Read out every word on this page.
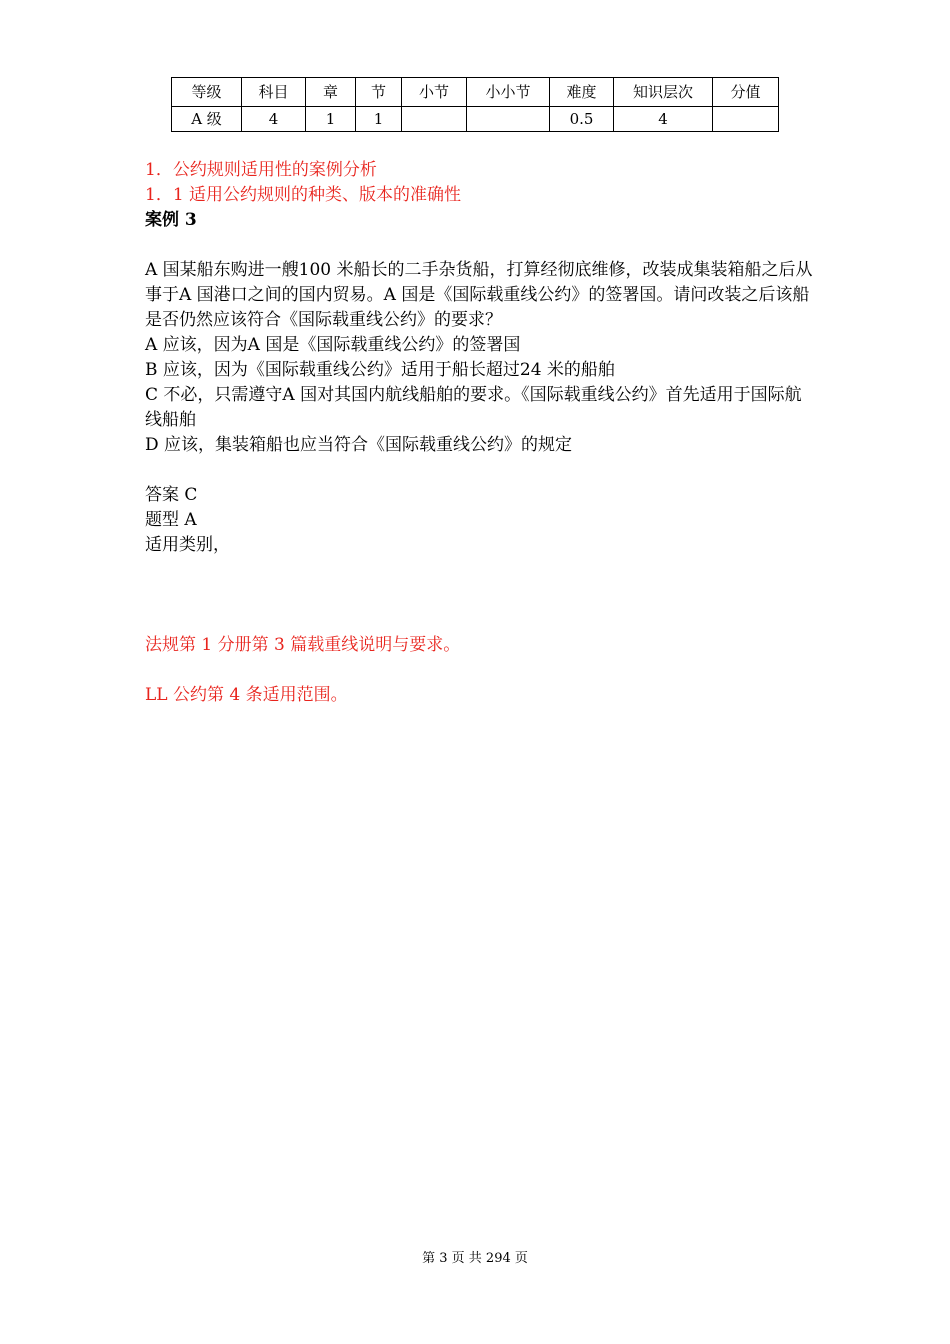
等级	科目	章	节	小节	小小节	难度	知识层次	分值
A 级	4	1	1			0.5	4	

1．公约规则适用性的案例分析

1．1 适用公约规则的种类、版本的准确性

案例 3

A 国某船东购进一艘100 米船长的二手杂货船，打算经彻底维修，改装成集装箱船之后从事于A 国港口之间的国内贸易。A 国是《国际载重线公约》的签署国。请问改装之后该船是否仍然应该符合《国际载重线公约》的要求？

A 应该，因为A 国是《国际载重线公约》的签署国

B 应该，因为《国际载重线公约》适用于船长超过24 米的船舶

C 不必，只需遵守A 国对其国内航线船舶的要求。《国际载重线公约》首先适用于国际航线船舶

D 应该，集装箱船也应当符合《国际载重线公约》的规定

答案 C

题型 A

适用类别，

法规第 1 分册第 3 篇载重线说明与要求。

LL 公约第 4 条适用范围。

第 3 页 共 294 页
